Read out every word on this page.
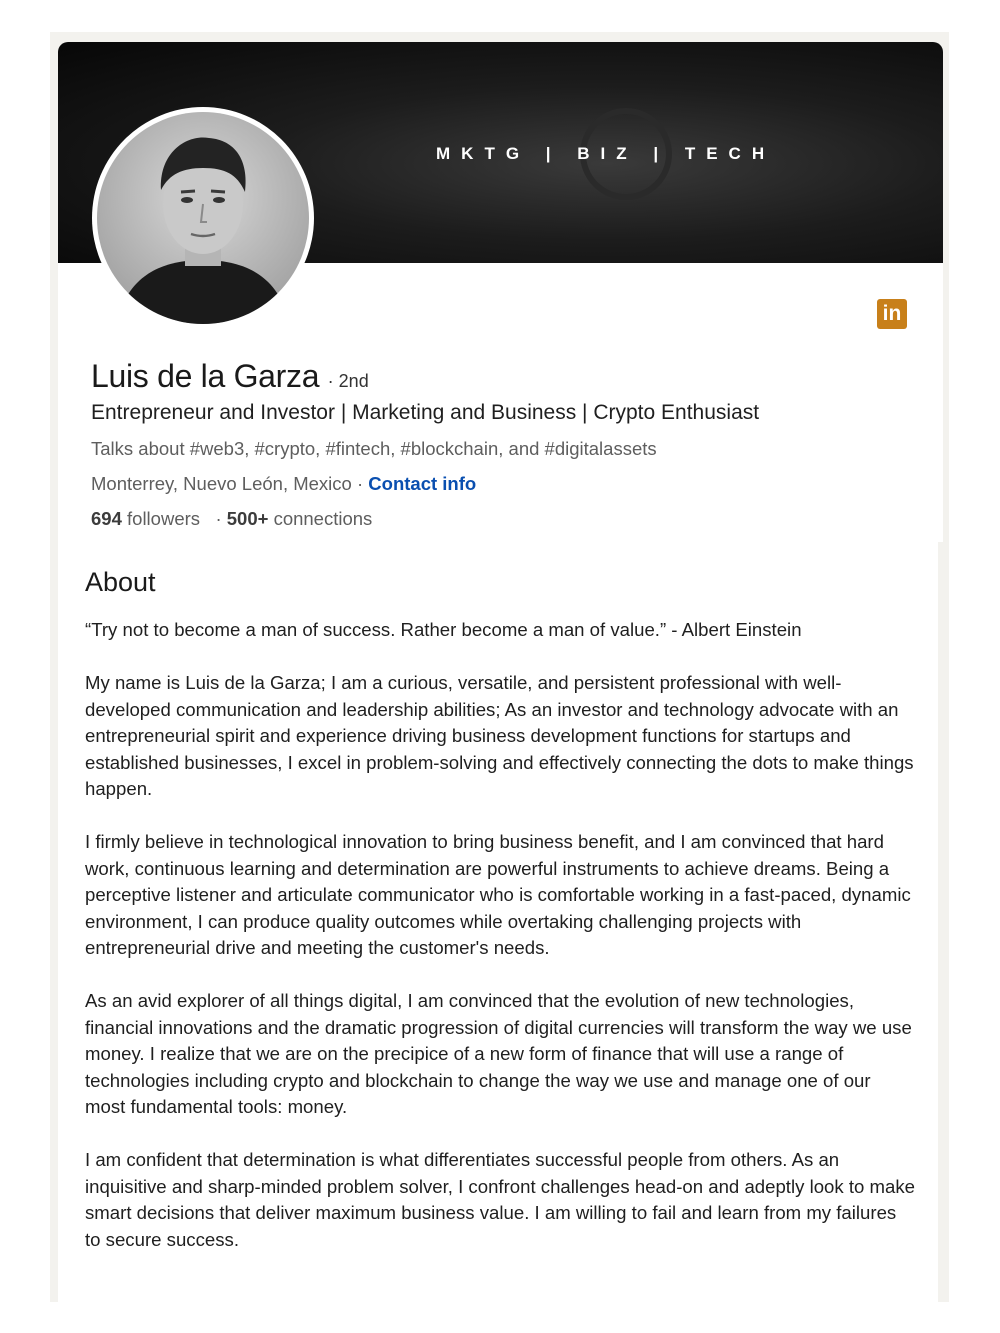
MKTG | BIZ | TECH
in
Luis de la Garza · 2nd
Entrepreneur and Investor | Marketing and Business | Crypto Enthusiast
Talks about #web3, #crypto, #fintech, #blockchain, and #digitalassets
Monterrey, Nuevo León, Mexico · Contact info
694 followers · 500+ connections
About

“Try not to become a man of success. Rather become a man of value.” - Albert Einstein

My name is Luis de la Garza; I am a curious, versatile, and persistent professional with well-developed communication and leadership abilities; As an investor and technology advocate with an entrepreneurial spirit and experience driving business development functions for startups and established businesses, I excel in problem-solving and effectively connecting the dots to make things happen.

I firmly believe in technological innovation to bring business benefit, and I am convinced that hard work, continuous learning and determination are powerful instruments to achieve dreams. Being a perceptive listener and articulate communicator who is comfortable working in a fast-paced, dynamic environment, I can produce quality outcomes while overtaking challenging projects with entrepreneurial drive and meeting the customer's needs.

As an avid explorer of all things digital, I am convinced that the evolution of new technologies, financial innovations and the dramatic progression of digital currencies will transform the way we use money. I realize that we are on the precipice of a new form of finance that will use a range of technologies including crypto and blockchain to change the way we use and manage one of our most fundamental tools: money.

I am confident that determination is what differentiates successful people from others. As an inquisitive and sharp-minded problem solver, I confront challenges head-on and adeptly look to make smart decisions that deliver maximum business value. I am willing to fail and learn from my failures to secure success.
